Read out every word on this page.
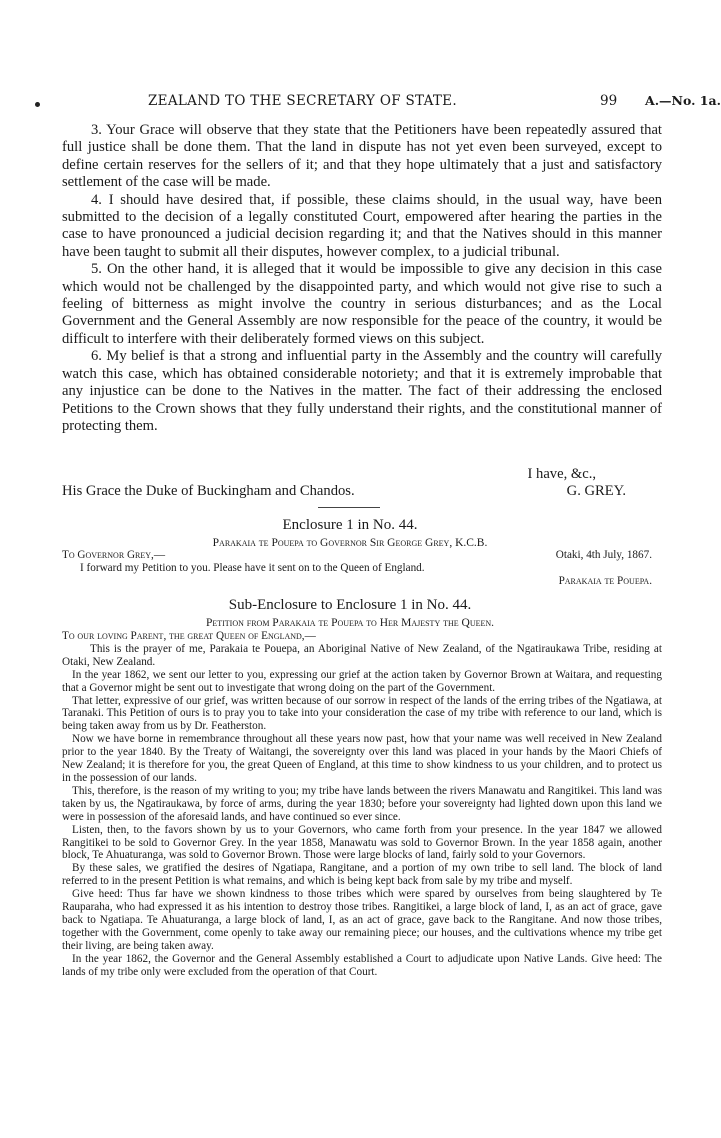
ZEALAND TO THE SECRETARY OF STATE.	99 A.—No. 1a.

3. Your Grace will observe that they state that the Petitioners have been repeatedly assured that full justice shall be done them. That the land in dispute has not yet even been surveyed, except to define certain reserves for the sellers of it; and that they hope ultimately that a just and satisfactory settlement of the case will be made.

4. I should have desired that, if possible, these claims should, in the usual way, have been submitted to the decision of a legally constituted Court, empowered after hearing the parties in the case to have pronounced a judicial decision regarding it; and that the Natives should in this manner have been taught to submit all their disputes, however complex, to a judicial tribunal.

5. On the other hand, it is alleged that it would be impossible to give any decision in this case which would not be challenged by the disappointed party, and which would not give rise to such a feeling of bitterness as might involve the country in serious disturbances; and as the Local Government and the General Assembly are now responsible for the peace of the country, it would be difficult to interfere with their deliberately formed views on this subject.

6. My belief is that a strong and influential party in the Assembly and the country will carefully watch this case, which has obtained considerable notoriety; and that it is extremely improbable that any injustice can be done to the Natives in the matter. The fact of their addressing the enclosed Petitions to the Crown shows that they fully understand their rights, and the constitutional manner of protecting them.

I have, &c.,
His Grace the Duke of Buckingham and Chandos.	G. GREY.
Enclosure 1 in No. 44.
Parakaia te Pouepa to Governor Sir George Grey, K.C.B.
To Governor Grey,—	Otaki, 4th July, 1867.

I forward my Petition to you. Please have it sent on to the Queen of England.

Parakaia te Pouepa.
Sub-Enclosure to Enclosure 1 in No. 44.
Petition from Parakaia te Pouepa to Her Majesty the Queen.
To our loving Parent, the great Queen of England,—

This is the prayer of me, Parakaia te Pouepa, an Aboriginal Native of New Zealand, of the Ngatiraukawa Tribe, residing at Otaki, New Zealand.

In the year 1862, we sent our letter to you, expressing our grief at the action taken by Governor Brown at Waitara, and requesting that a Governor might be sent out to investigate that wrong doing on the part of the Government.

That letter, expressive of our grief, was written because of our sorrow in respect of the lands of the erring tribes of the Ngatiawa, at Taranaki. This Petition of ours is to pray you to take into your consideration the case of my tribe with reference to our land, which is being taken away from us by Dr. Featherston.

Now we have borne in remembrance throughout all these years now past, how that your name was well received in New Zealand prior to the year 1840. By the Treaty of Waitangi, the sovereignty over this land was placed in your hands by the Maori Chiefs of New Zealand; it is therefore for you, the great Queen of England, at this time to show kindness to us your children, and to protect us in the possession of our lands.

This, therefore, is the reason of my writing to you; my tribe have lands between the rivers Manawatu and Rangitikei. This land was taken by us, the Ngatiraukawa, by force of arms, during the year 1830; before your sovereignty had lighted down upon this land we were in possession of the aforesaid lands, and have continued so ever since.

Listen, then, to the favors shown by us to your Governors, who came forth from your presence. In the year 1847 we allowed Rangitikei to be sold to Governor Grey. In the year 1858, Manawatu was sold to Governor Brown. In the year 1858 again, another block, Te Ahuaturanga, was sold to Governor Brown. Those were large blocks of land, fairly sold to your Governors.

By these sales, we gratified the desires of Ngatiapa, Rangitane, and a portion of my own tribe to sell land. The block of land referred to in the present Petition is what remains, and which is being kept back from sale by my tribe and myself.

Give heed: Thus far have we shown kindness to those tribes which were spared by ourselves from being slaughtered by Te Rauparaha, who had expressed it as his intention to destroy those tribes. Rangitikei, a large block of land, I, as an act of grace, gave back to Ngatiapa. Te Ahuaturanga, a large block of land, I, as an act of grace, gave back to the Rangitane. And now those tribes, together with the Government, come openly to take away our remaining piece; our houses, and the cultivations whence my tribe get their living, are being taken away.

In the year 1862, the Governor and the General Assembly established a Court to adjudicate upon Native Lands. Give heed: The lands of my tribe only were excluded from the operation of that Court.
